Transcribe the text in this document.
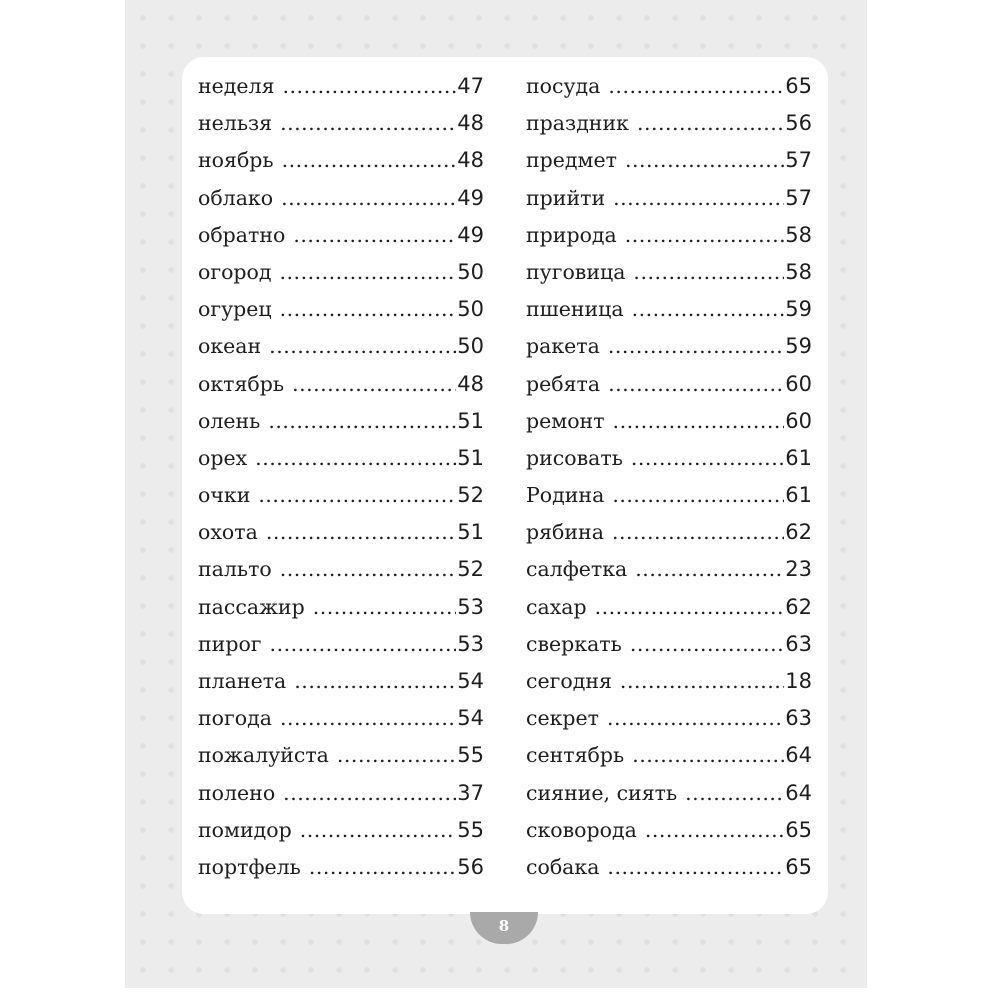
неделя .....	47
нельзя .....	48
ноябрь .....	48
облако .....	49
обратно .....	49
огород .....	50
огурец .....	50
океан .....	50
октябрь .....	48
олень .....	51
орех .....	51
очки .....	52
охота .....	51
пальто .....	52
пассажир .....	53
пирог .....	53
планета .....	54
погода .....	54
пожалуйста .....	55
полено .....	37
помидор .....	55
портфель .....	56
посуда .....	65
праздник .....	56
предмет .....	57
прийти .....	57
природа .....	58
пуговица .....	58
пшеница .....	59
ракета .....	59
ребята .....	60
ремонт .....	60
рисовать .....	61
Родина .....	61
рябина .....	62
салфетка .....	23
сахар .....	62
сверкать .....	63
сегодня .....	18
секрет .....	63
сентябрь .....	64
сияние, сиять .....	64
сковорода .....	65
собака .....	65
8
